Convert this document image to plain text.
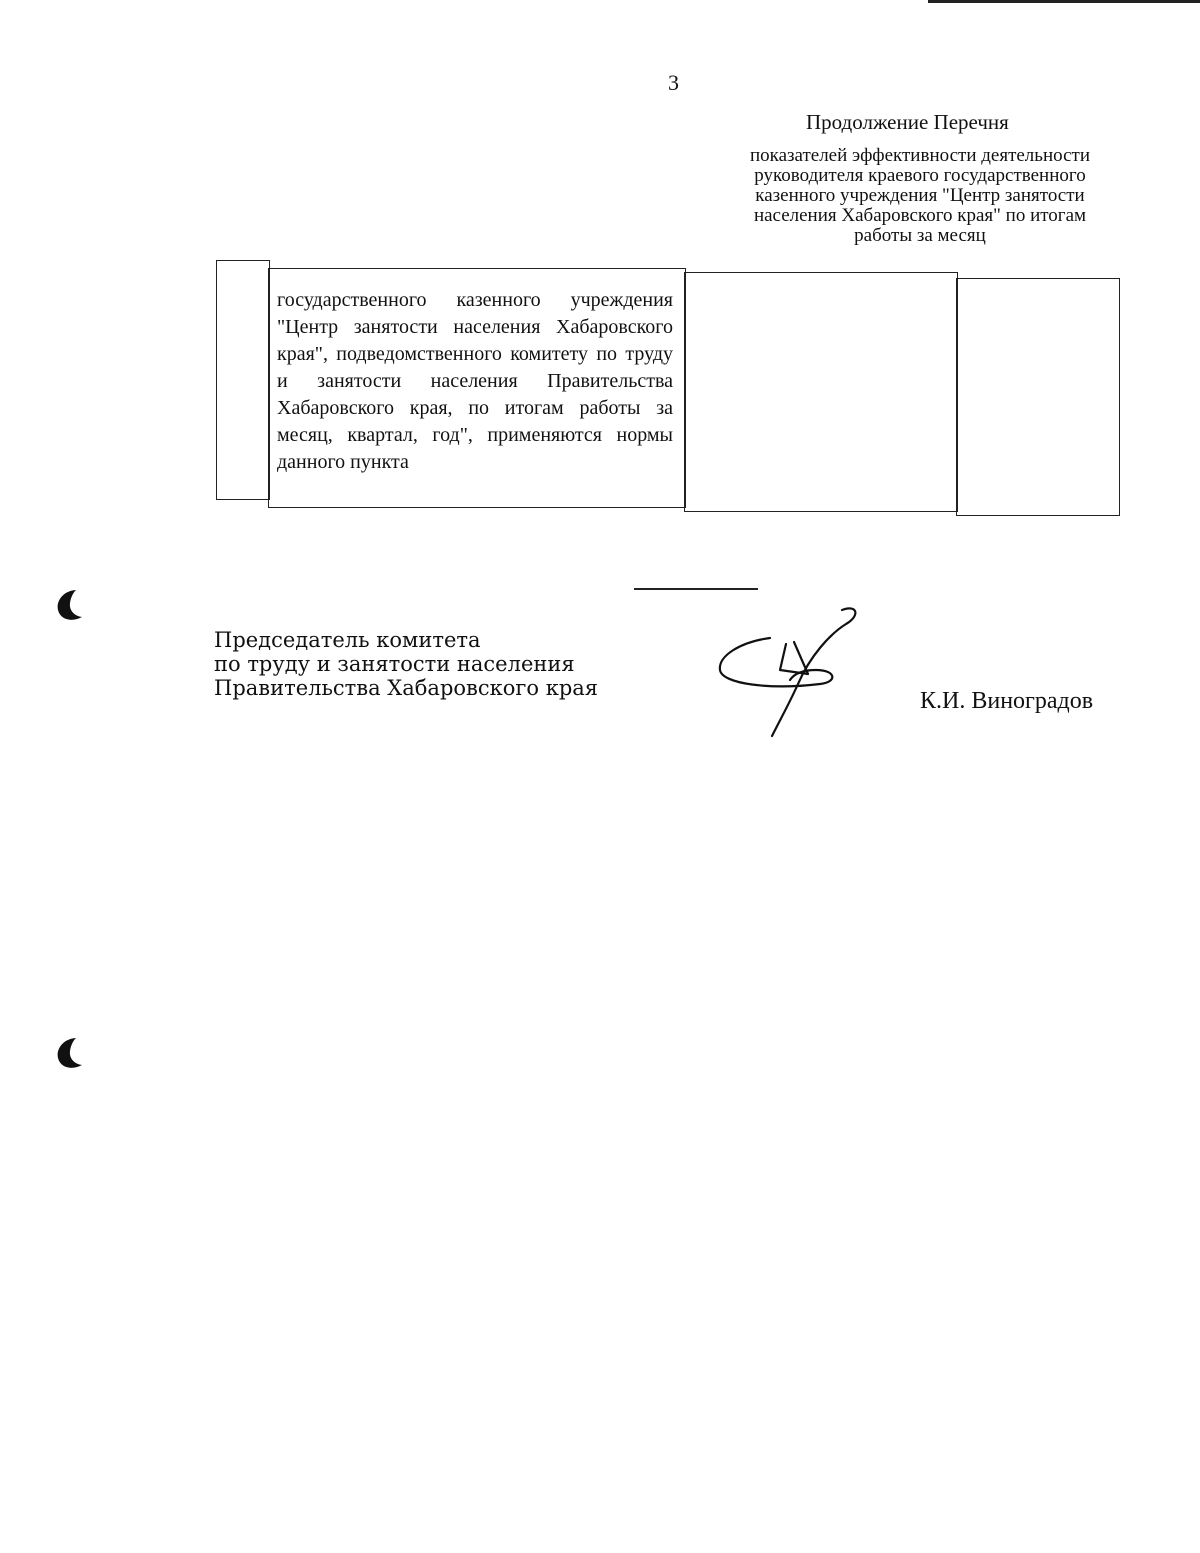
3
Продолжение Перечня
показателей эффективности деятельности
руководителя краевого государственного
казенного учреждения "Центр занятости
населения Хабаровского края" по итогам
работы за месяц
государственного казенного учреждения "Центр занятости населения Хабаровского края", подведомственного комитету по труду и занятости населения Правительства Хабаровского края, по итогам работы за месяц, квартал, год", применяются нормы данного пункта
Председатель комитета
по труду и занятости населения
Правительства Хабаровского края	К.И. Виноградов
